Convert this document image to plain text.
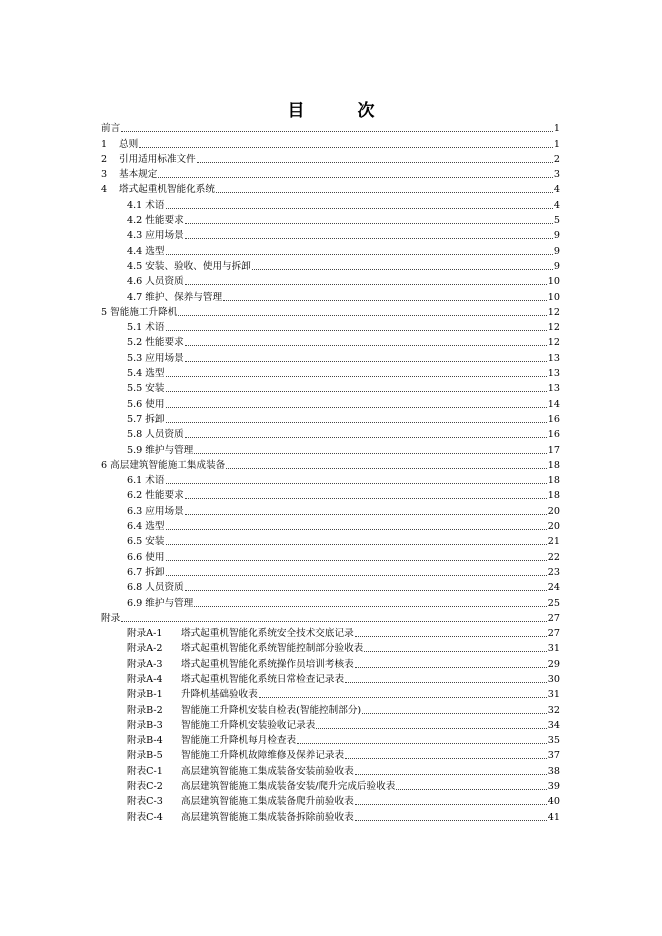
目　次
前言	1
1	总则	1
2	引用适用标准文件	2
3	基本规定	3
4	塔式起重机智能化系统	4
4.1 术语	4
4.2 性能要求	5
4.3 应用场景	9
4.4 选型	9
4.5 安装、验收、使用与拆卸	9
4.6 人员资质	10
4.7 维护、保养与管理	10
5 智能施工升降机	12
5.1 术语	12
5.2 性能要求	12
5.3 应用场景	13
5.4 选型	13
5.5 安装	13
5.6 使用	14
5.7 拆卸	16
5.8 人员资质	16
5.9 维护与管理	17
6 高层建筑智能施工集成装备	18
6.1 术语	18
6.2 性能要求	18
6.3 应用场景	20
6.4 选型	20
6.5 安装	21
6.6 使用	22
6.7 拆卸	23
6.8 人员资质	24
6.9 维护与管理	25
附录	27
附录A-1	塔式起重机智能化系统安全技术交底记录	27
附录A-2	塔式起重机智能化系统智能控制部分验收表	31
附录A-3	塔式起重机智能化系统操作员培训考核表	29
附录A-4	塔式起重机智能化系统日常检查记录表	30
附录B-1	升降机基础验收表	31
附录B-2	智能施工升降机安装自检表(智能控制部分)	32
附录B-3	智能施工升降机安装验收记录表	34
附录B-4	智能施工升降机每月检查表	35
附录B-5	智能施工升降机故障维修及保养记录表	37
附表C-1	高层建筑智能施工集成装备安装前验收表	38
附表C-2	高层建筑智能施工集成装备安装/爬升完成后验收表	39
附表C-3	高层建筑智能施工集成装备爬升前验收表	40
附表C-4	高层建筑智能施工集成装备拆除前验收表	41
